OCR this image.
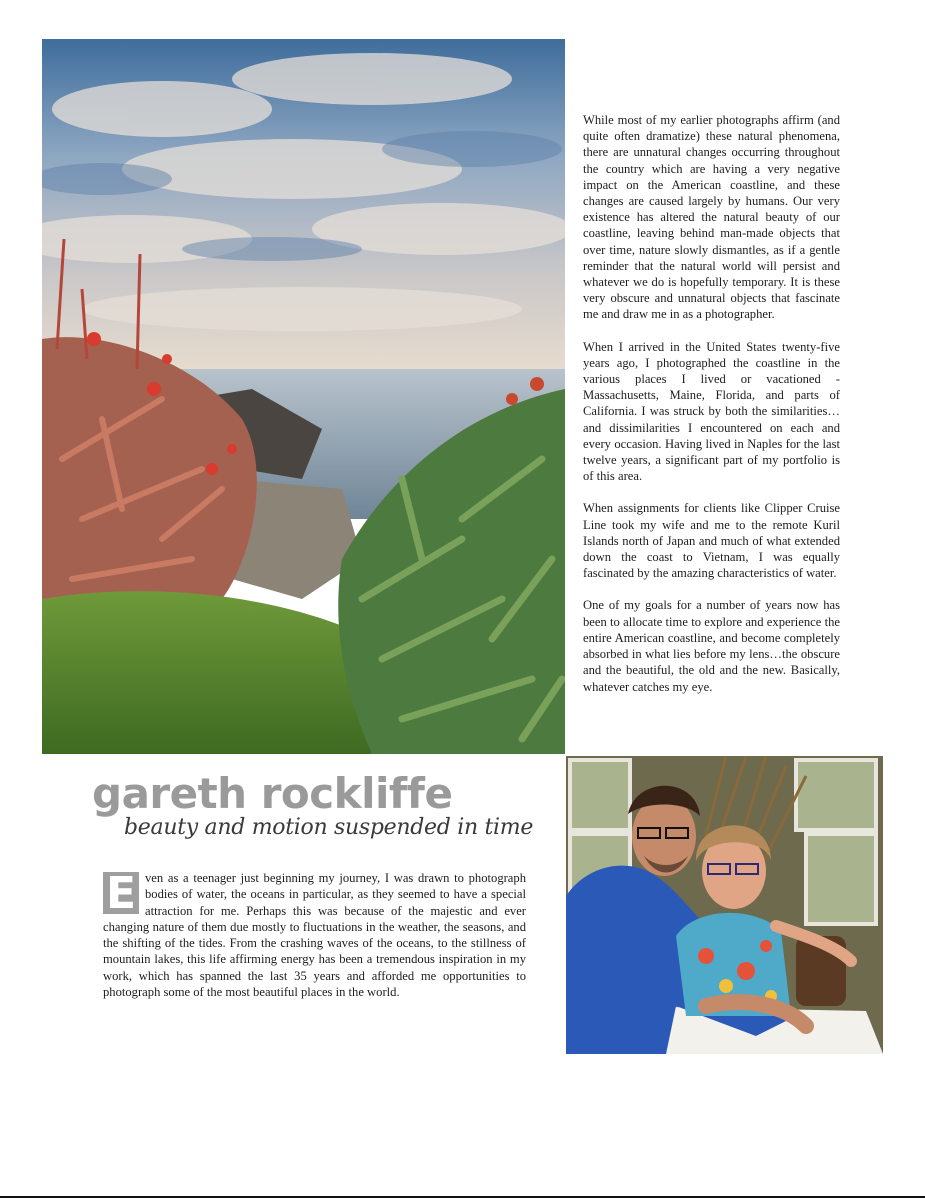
While most of my earlier photographs affirm (and quite often dramatize) these natural phenomena, there are unnatural changes occurring throughout the country which are having a very negative impact on the American coastline, and these changes are caused largely by humans. Our very existence has altered the natural beauty of our coastline, leaving behind man-made objects that over time, nature slowly dismantles, as if a gentle reminder that the natural world will persist and whatever we do is hopefully temporary. It is these very obscure and unnatural objects that fascinate me and draw me in as a photographer.

When I arrived in the United States twenty-five years ago, I photographed the coastline in the various places I lived or vacationed - Massachusetts, Maine, Florida, and parts of California. I was struck by both the similarities… and dissimilarities I encountered on each and every occasion. Having lived in Naples for the last twelve years, a significant part of my portfolio is of this area.

When assignments for clients like Clipper Cruise Line took my wife and me to the remote Kuril Islands north of Japan and much of what extended down the coast to Vietnam, I was equally fascinated by the amazing characteristics of water.

One of my goals for a number of years now has been to allocate time to explore and experience the entire American coastline, and become completely absorbed in what lies before my lens…the obscure and the beautiful, the old and the new. Basically, whatever catches my eye.

gareth rockliffe
beauty and motion suspended in time
E ven as a teenager just beginning my journey, I was drawn to photograph bodies of water, the oceans in particular, as they seemed to have a special attraction for me. Perhaps this was because of the majestic and ever changing nature of them due mostly to fluctuations in the weather, the seasons, and the shifting of the tides. From the crashing waves of the oceans, to the stillness of mountain lakes, this life affirming energy has been a tremendous inspiration in my work, which has spanned the last 35 years and afforded me opportunities to photograph some of the most beautiful places in the world.
